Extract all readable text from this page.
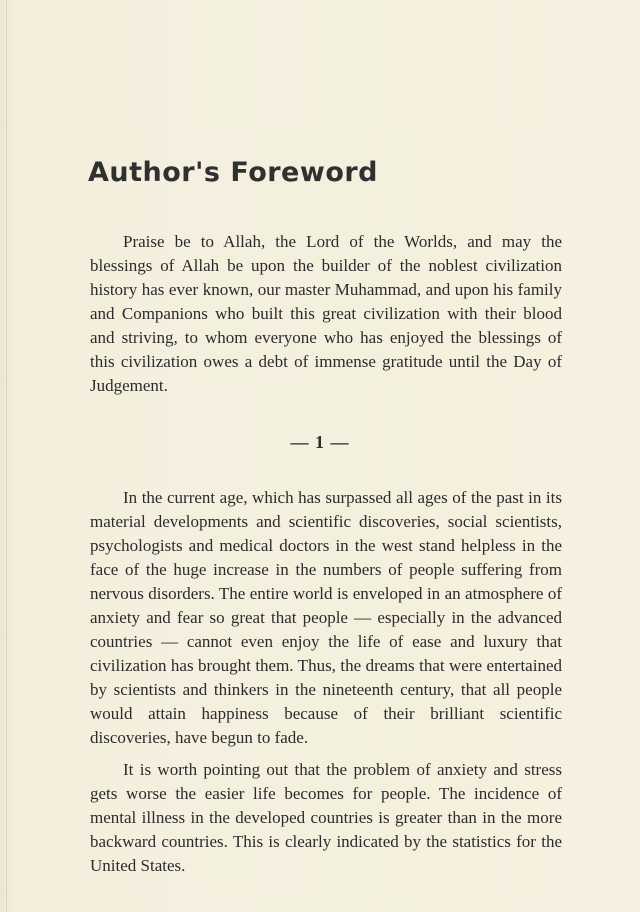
Author's Foreword

Praise be to Allah, the Lord of the Worlds, and may the blessings of Allah be upon the builder of the noblest civilization history has ever known, our master Muhammad, and upon his family and Companions who built this great civilization with their blood and striving, to whom everyone who has enjoyed the blessings of this civilization owes a debt of immense gratitude until the Day of Judgement.

— 1 —

In the current age, which has surpassed all ages of the past in its material developments and scientific discoveries, social scientists, psychologists and medical doctors in the west stand helpless in the face of the huge increase in the numbers of people suffering from nervous disorders. The entire world is enveloped in an atmosphere of anxiety and fear so great that people — especially in the advanced countries — cannot even enjoy the life of ease and luxury that civilization has brought them. Thus, the dreams that were entertained by scientists and thinkers in the nineteenth century, that all people would attain happiness because of their brilliant scientific discoveries, have begun to fade.

It is worth pointing out that the problem of anxiety and stress gets worse the easier life becomes for people. The incidence of mental illness in the developed countries is greater than in the more backward countries. This is clearly indicated by the statistics for the United States.
